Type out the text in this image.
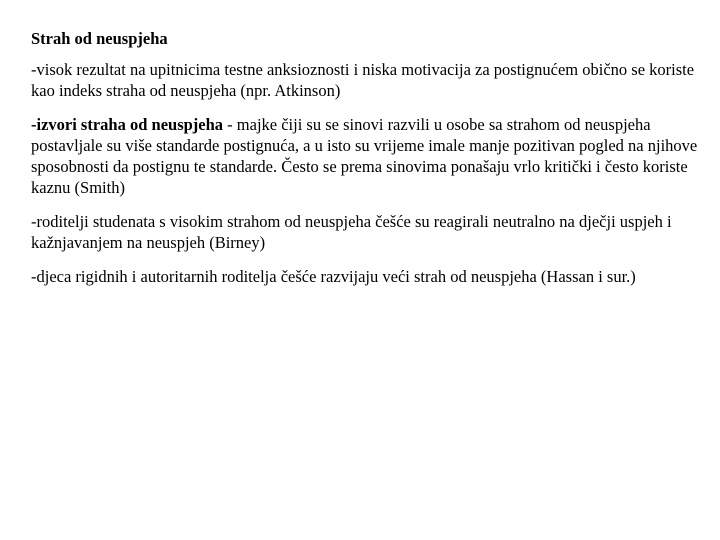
Strah od neuspjeha
-visok rezultat na upitnicima testne anksioznosti i niska motivacija za postignućem obično se koriste kao indeks straha od neuspjeha (npr. Atkinson)
-izvori straha od neuspjeha - majke čiji su se sinovi razvili u osobe sa strahom od neuspjeha postavljale su više standarde postignuća, a u isto su vrijeme imale manje pozitivan pogled na njihove sposobnosti da postignu te standarde. Često se prema sinovima ponašaju vrlo kritički i često koriste kaznu (Smith)
-roditelji studenata s visokim strahom od neuspjeha češće su reagirali neutralno na dječji uspjeh i kažnjavanjem na neuspjeh (Birney)
-djeca rigidnih i autoritarnih roditelja češće razvijaju veći strah od neuspjeha (Hassan i sur.)
